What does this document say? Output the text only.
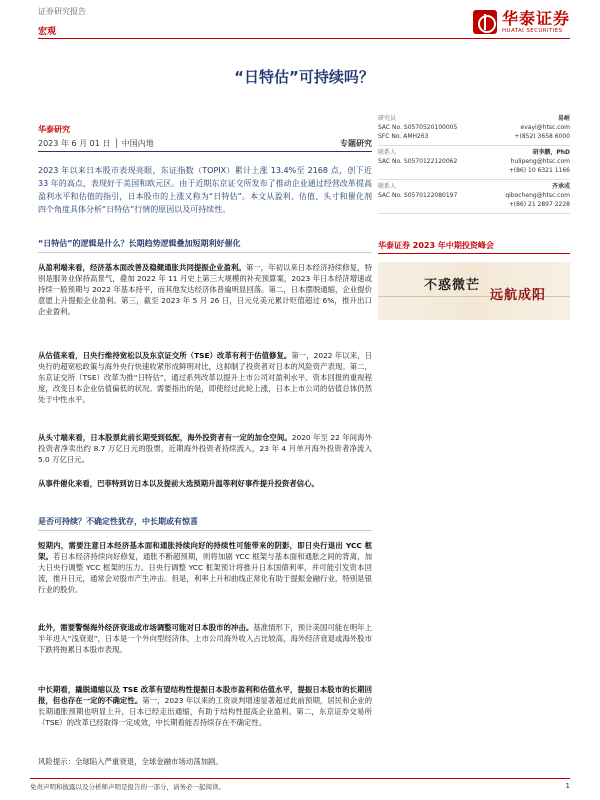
证券研究报告
宏观
华泰证券
HUATAI SECURITIES
“日特估”可持续吗？
华泰研究
2023 年 6 月 01 日 │ 中国内地	专题研究
2023 年以来日本股市表现亮眼，东证指数（TOPIX）累计上涨 13.4%至 2168 点，创下近 33 年的高点，表现好于美国和欧元区。由于近期东京证交所发布了推动企业通过经营改革提高盈利水平和估值的指引，日本股市的上涨又称为“日特估”。本文从盈利、估值、头寸和催化剂四个角度具体分析“日特估”行情的原因以及可持续性。
“日特估”的逻辑是什么？长期趋势逻辑叠加短期利好催化
从盈利端来看，经济基本面改善及稳健通胀共同提振企业盈利。第一，年初以来日本经济持续修复，特别是服务业保持高景气，叠加 2022 年 11 月史上第三大规模的补充预算案，2023 年日本经济增速或持续一般预期与 2022 年基本持平，而其他发达经济体普遍明显回落。第二，日本摆脱通缩，企业提价意愿上升提振企业盈利。第三，截至 2023 年 5 月 26 日，日元兑美元累计贬值超过 6%，推升出口企业盈利。
从估值来看，日央行维持宽松以及东京证交所（TSE）改革有利于估值修复。第一，2022 年以来，日央行的超宽松政策与海外央行快速收紧形成鲜明对比，这抑制了投资者对日本的风险资产表现。第二，东京证交所（TSE）改革为推“日特估”，通过系列改革以提升上市公司对盈利水平、资本回报的重视程度，改变日本企业估值偏低的状况。需要指出的是，即使经过此轮上涨，日本上市公司的估值总体仍然处于中性水平。
从头寸端来看，日本股票此前长期受到低配，海外投资者有一定的加仓空间。2020 年至 22 年间海外投资者净卖出约 8.7 万亿日元的股票，近期海外投资者持续流入，23 年 4 月单月海外投资者净流入 5.0 万亿日元。
从事件催化来看，巴菲特到访日本以及提前大选预期升温等利好事件提升投资者信心。
是否可持续？不确定性犹存，中长期或有惊喜
短期内，需要注意日本经济基本面和通胀持续向好的持续性可能带来的阴影，即日央行退出 YCC 框架。若日本经济持续向好修复，通胀不断超预期，则将加剧 YCC 框架与基本面和通胀之间的背离，加大日央行调整 YCC 框架的压力。日央行调整 YCC 框架预计将推升日本国债利率，并可能引发资本回流，推升日元，通常会对股市产生冲击。但是，利率上升和曲线正常化有助于提振金融行业，特别是银行业的股价。
此外，需要警惕海外经济衰退或市场调整可能对日本股市的冲击。基准情形下，预计美国可能在明年上半年进入“浅衰退”，日本是一个外向型经济体，上市公司海外收入占比较高，海外经济衰退或海外股市下跌将拖累日本股市表现。
中长期看，撬脱通缩以及 TSE 改革有望结构性提振日本股市盈利和估值水平，提振日本股市的长期回报，但也存在一定的不确定性。第一，2023 年以来的工资谈判增速显著超过此前预期，居民和企业的长期通胀预期也明显上升，日本已经走出通缩，有助于结构性提高企业盈利。第二，东京证券交易所（TSE）的改革已经取得一定成效，中长期看能否持续存在不确定性。
风险提示：全球陷入严重衰退，全球金融市场动荡加剧。
研究员	易峘
SAC No. S0570520100005	evayi@htsc.com
SFC No. AMH263	+(852) 3658 6000
联系人	胡李鹏，PhD
SAC No. S0570122120062	hulipeng@htsc.com
+(86) 10 6321 1166
联系人	齐承成
SAC No. S0570122080197	qibocheng@htsc.com
+(86) 21 2897 2228
华泰证券 2023 年中期投资峰会
不惑微芒
远航成阳
免责声明和披露以及分析师声明是报告的一部分，请务必一起阅读。	1
